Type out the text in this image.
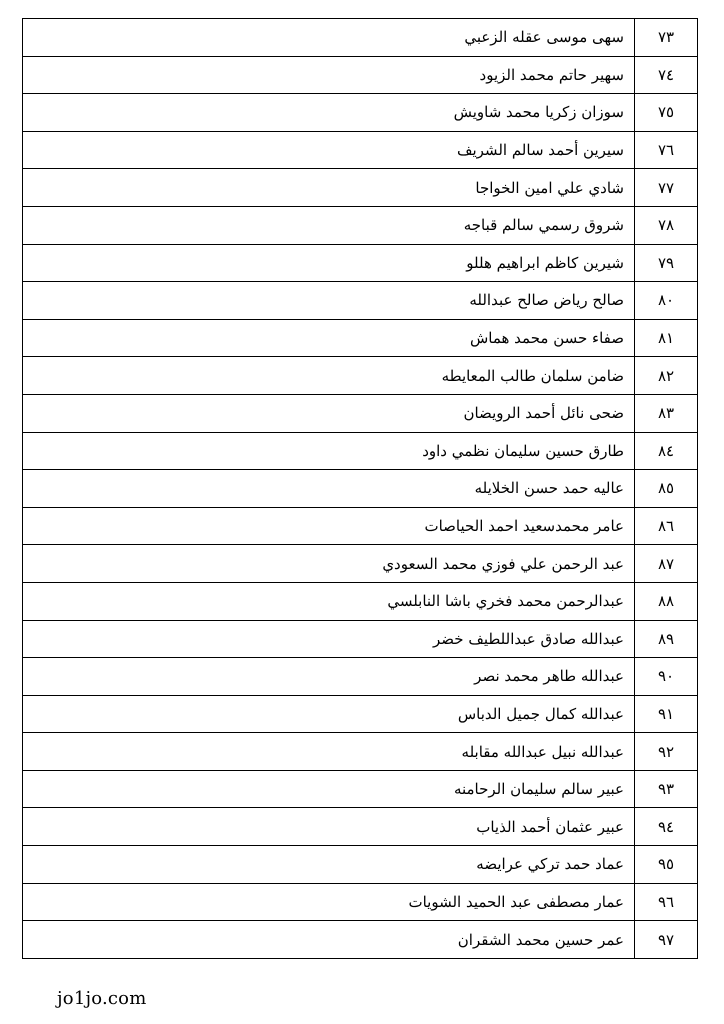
٧٣	سهى موسى عقله الزعبي
٧٤	سهير حاتم محمد الزيود
٧٥	سوزان زكريا محمد شاويش
٧٦	سيرين أحمد سالم الشريف
٧٧	شادي علي امين الخواجا
٧٨	شروق رسمي سالم قباجه
٧٩	شيرين كاظم ابراهيم هللو
٨٠	صالح رياض صالح عبدالله
٨١	صفاء حسن محمد هماش
٨٢	ضامن سلمان طالب المعايطه
٨٣	ضحى نائل أحمد الرويضان
٨٤	طارق حسين سليمان نظمي داود
٨٥	عاليه حمد حسن الخلايله
٨٦	عامر محمدسعيد احمد الحياصات
٨٧	عبد الرحمن علي فوزي محمد السعودي
٨٨	عبدالرحمن محمد فخري باشا النابلسي
٨٩	عبدالله صادق عبداللطيف خضر
٩٠	عبدالله طاهر محمد نصر
٩١	عبدالله كمال جميل الدباس
٩٢	عبدالله نبيل عبدالله مقابله
٩٣	عبير سالم سليمان الرحامنه
٩٤	عبير عثمان أحمد الذياب
٩٥	عماد حمد تركي عرايضه
٩٦	عمار مصطفى عبد الحميد الشويات
٩٧	عمر حسين محمد الشقران
jo1jo.com
